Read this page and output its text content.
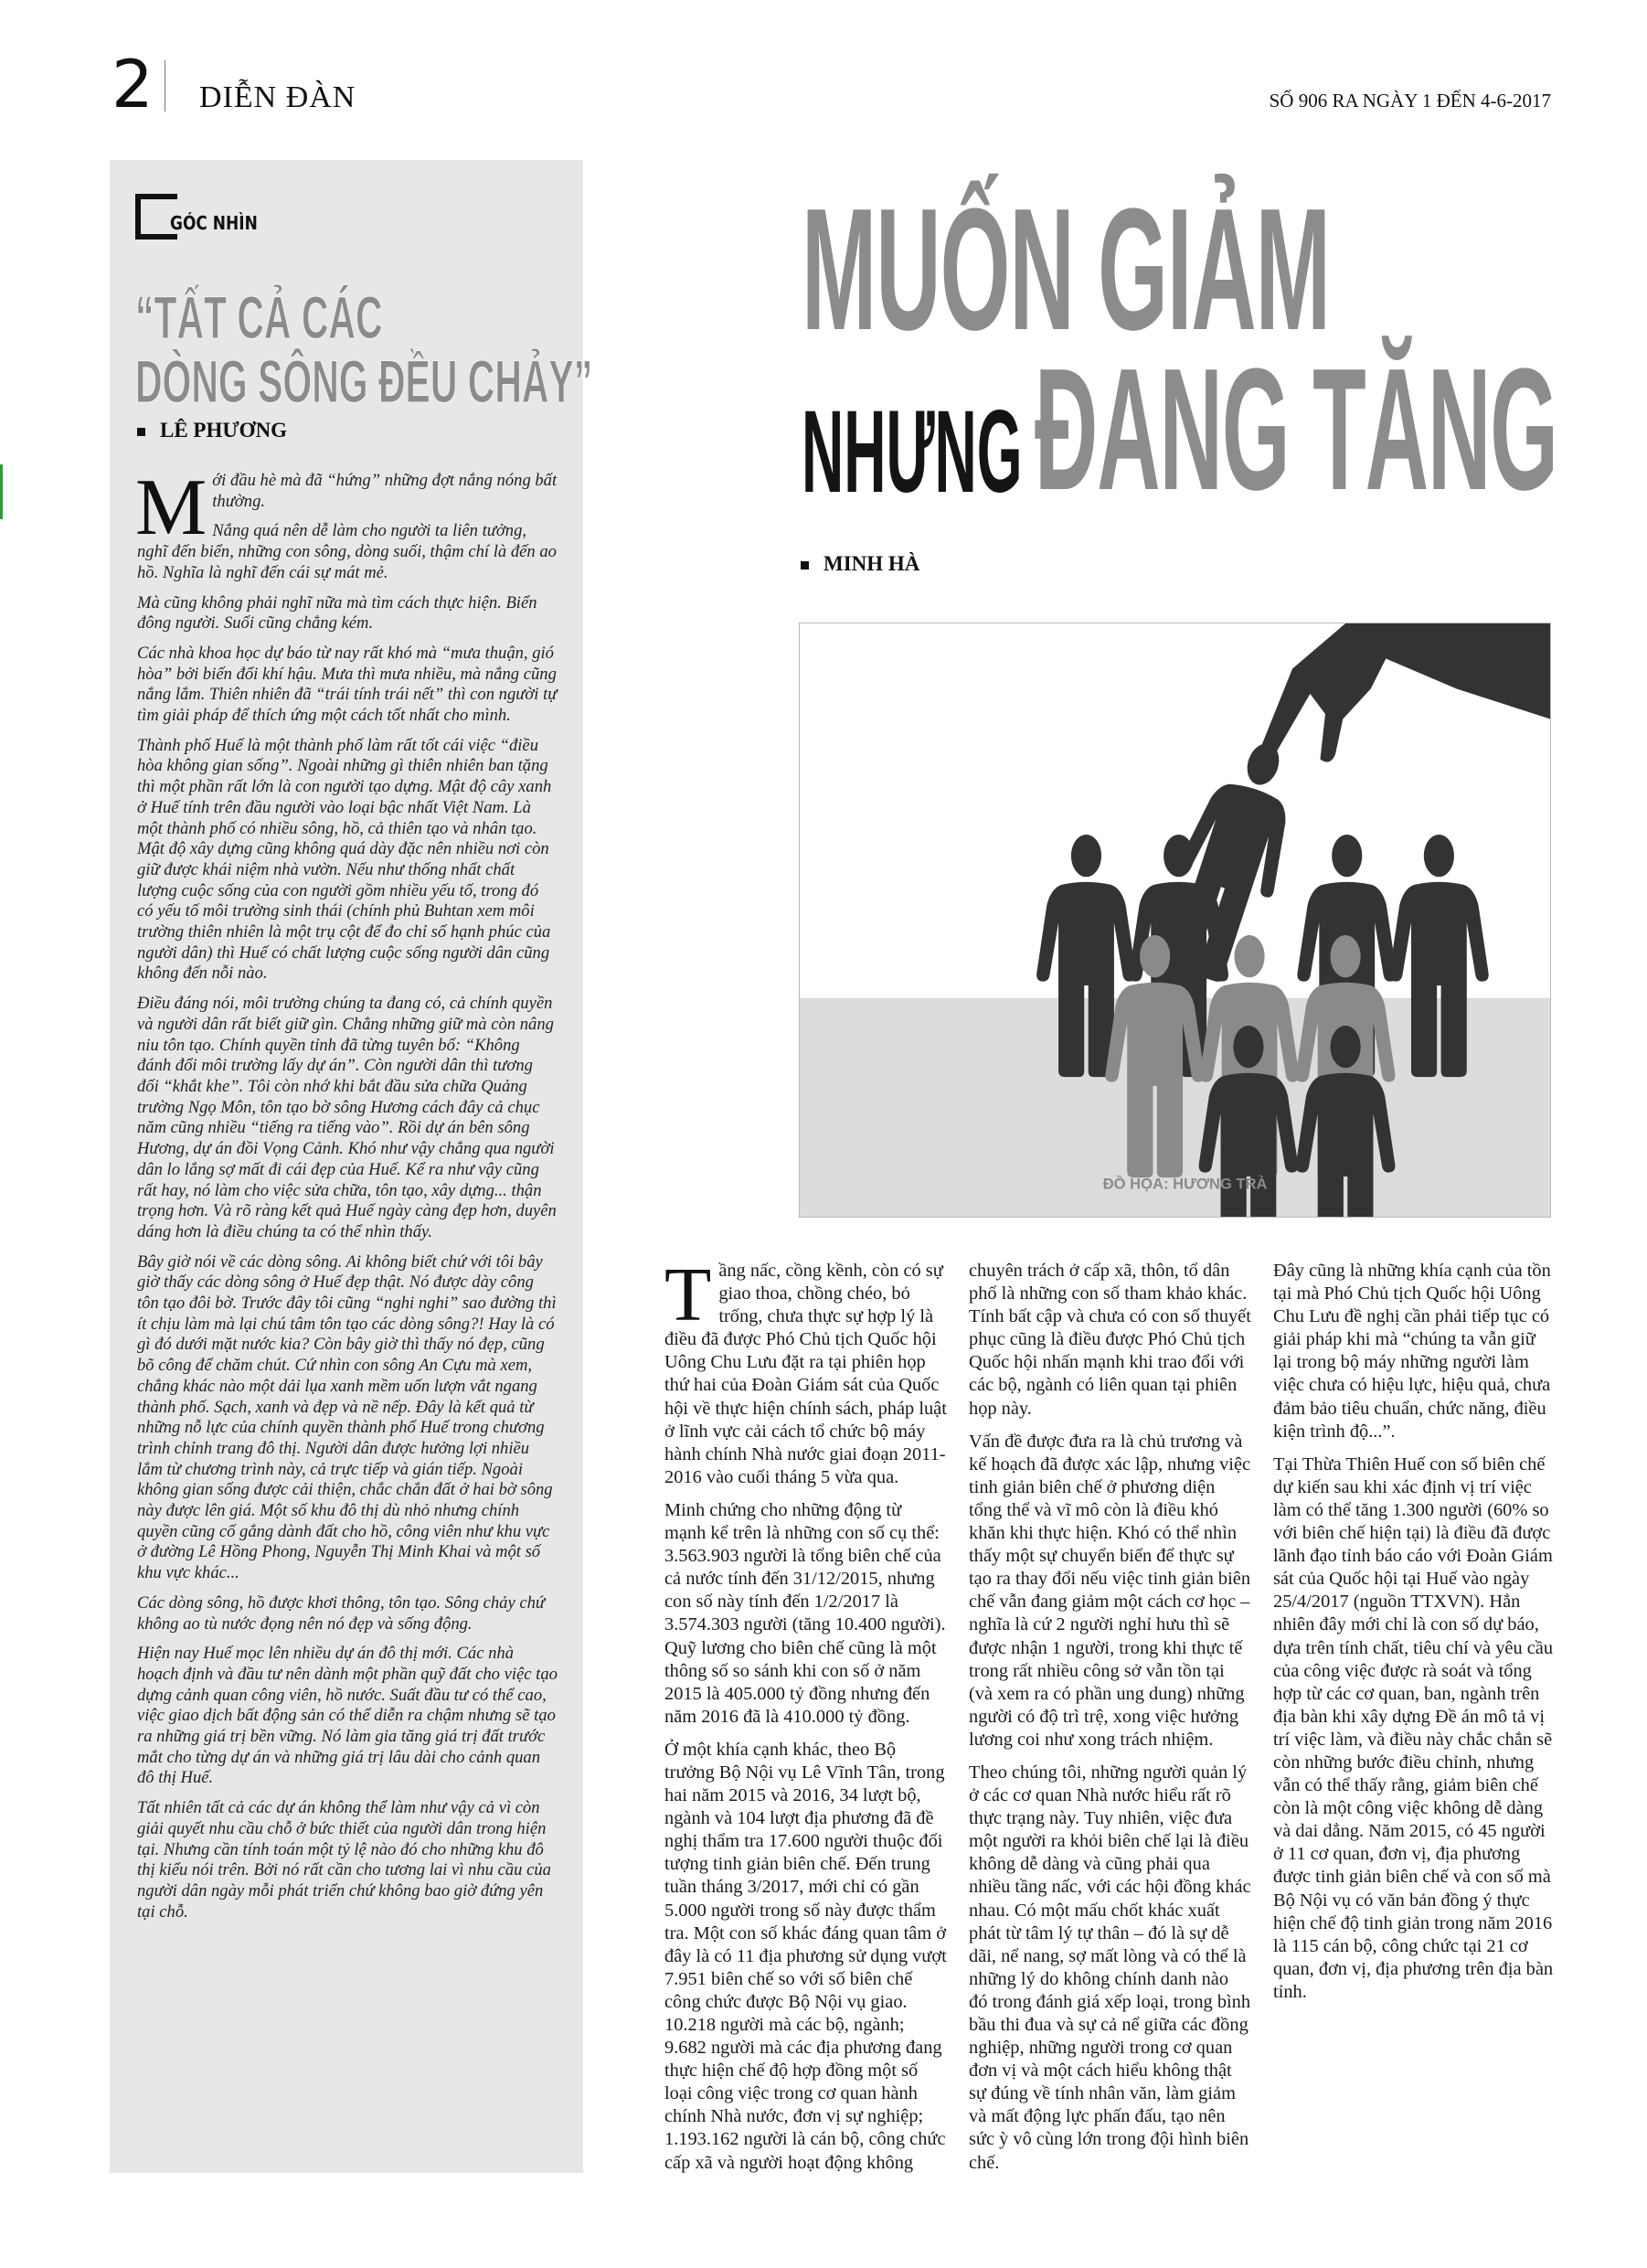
2 DIỄN ĐÀN	SỐ 906 RA NGÀY 1 ĐẾN 4-6-2017
GÓC NHÌN
“TẤT CẢ CÁC
DÒNG SÔNG ĐỀU CHẢY”
LÊ PHƯƠNG

Mới đầu hè mà đã “hứng” những đợt nắng nóng bất thường.

Nắng quá nên dễ làm cho người ta liên tưởng, nghĩ đến biển, những con sông, dòng suối, thậm chí là đến ao hồ. Nghĩa là nghĩ đến cái sự mát mẻ.

Mà cũng không phải nghĩ nữa mà tìm cách thực hiện. Biển đông người. Suối cũng chẳng kém.

Các nhà khoa học dự báo từ nay rất khó mà “mưa thuận, gió hòa” bởi biến đổi khí hậu. Mưa thì mưa nhiều, mà nắng cũng nắng lắm. Thiên nhiên đã “trái tính trái nết” thì con người tự tìm giải pháp để thích ứng một cách tốt nhất cho mình.

Thành phố Huế là một thành phố làm rất tốt cái việc “điều hòa không gian sống”. Ngoài những gì thiên nhiên ban tặng thì một phần rất lớn là con người tạo dựng. Mật độ cây xanh ở Huế tính trên đầu người vào loại bậc nhất Việt Nam. Là một thành phố có nhiều sông, hồ, cả thiên tạo và nhân tạo. Mật độ xây dựng cũng không quá dày đặc nên nhiều nơi còn giữ được khái niệm nhà vườn. Nếu như thống nhất chất lượng cuộc sống của con người gồm nhiều yếu tố, trong đó có yếu tố môi trường sinh thái (chính phủ Buhtan xem môi trường thiên nhiên là một trụ cột để đo chỉ số hạnh phúc của người dân) thì Huế có chất lượng cuộc sống người dân cũng không đến nỗi nào.

Điều đáng nói, môi trường chúng ta đang có, cả chính quyền và người dân rất biết giữ gìn. Chẳng những giữ mà còn nâng niu tôn tạo. Chính quyền tỉnh đã từng tuyên bố: “Không đánh đổi môi trường lấy dự án”. Còn người dân thì tương đối “khắt khe”. Tôi còn nhớ khi bắt đầu sửa chữa Quảng trường Ngọ Môn, tôn tạo bờ sông Hương cách đây cả chục năm cũng nhiều “tiếng ra tiếng vào”. Rồi dự án bên sông Hương, dự án đồi Vọng Cảnh. Khó như vậy chẳng qua người dân lo lắng sợ mất đi cái đẹp của Huế. Kể ra như vậy cũng rất hay, nó làm cho việc sửa chữa, tôn tạo, xây dựng... thận trọng hơn. Và rõ ràng kết quả Huế ngày càng đẹp hơn, duyên dáng hơn là điều chúng ta có thể nhìn thấy.

Bây giờ nói về các dòng sông. Ai không biết chứ với tôi bây giờ thấy các dòng sông ở Huế đẹp thật. Nó được dày công tôn tạo đôi bờ. Trước đây tôi cũng “nghi nghi” sao đường thì ít chịu làm mà lại chú tâm tôn tạo các dòng sông?! Hay là có gì đó dưới mặt nước kia? Còn bây giờ thì thấy nó đẹp, cũng bõ công để chăm chút. Cứ nhìn con sông An Cựu mà xem, chẳng khác nào một dải lụa xanh mềm uốn lượn vắt ngang thành phố. Sạch, xanh và đẹp và nề nếp. Đây là kết quả từ những nỗ lực của chính quyền thành phố Huế trong chương trình chỉnh trang đô thị. Người dân được hưởng lợi nhiều lắm từ chương trình này, cả trực tiếp và gián tiếp. Ngoài không gian sống được cải thiện, chắc chắn đất ở hai bờ sông này được lên giá. Một số khu đô thị dù nhỏ nhưng chính quyền cũng cố gắng dành đất cho hồ, công viên như khu vực ở đường Lê Hồng Phong, Nguyễn Thị Minh Khai và một số khu vực khác...

Các dòng sông, hồ được khơi thông, tôn tạo. Sông chảy chứ không ao tù nước đọng nên nó đẹp và sống động.

Hiện nay Huế mọc lên nhiều dự án đô thị mới. Các nhà hoạch định và đầu tư nên dành một phần quỹ đất cho việc tạo dựng cảnh quan công viên, hồ nước. Suất đầu tư có thể cao, việc giao dịch bất động sản có thể diễn ra chậm nhưng sẽ tạo ra những giá trị bền vững. Nó làm gia tăng giá trị đất trước mắt cho từng dự án và những giá trị lâu dài cho cảnh quan đô thị Huế.

Tất nhiên tất cả các dự án không thể làm như vậy cả vì còn giải quyết nhu cầu chỗ ở bức thiết của người dân trong hiện tại. Nhưng cần tính toán một tỷ lệ nào đó cho những khu đô thị kiểu nói trên. Bởi nó rất cần cho tương lai vì nhu cầu của người dân ngày mỗi phát triển chứ không bao giờ đứng yên tại chỗ.

MUỐN GIẢM
NHƯNG ĐANG TĂNG
MINH HÀ
ĐỒ HỌA: HƯƠNG TRÀ

Tầng nấc, cồng kềnh, còn có sự giao thoa, chồng chéo, bỏ trống, chưa thực sự hợp lý là điều đã được Phó Chủ tịch Quốc hội Uông Chu Lưu đặt ra tại phiên họp thứ hai của Đoàn Giám sát của Quốc hội về thực hiện chính sách, pháp luật ở lĩnh vực cải cách tổ chức bộ máy hành chính Nhà nước giai đoạn 2011-2016 vào cuối tháng 5 vừa qua.

Minh chứng cho những động từ mạnh kể trên là những con số cụ thể: 3.563.903 người là tổng biên chế của cả nước tính đến 31/12/2015, nhưng con số này tính đến 1/2/2017 là 3.574.303 người (tăng 10.400 người). Quỹ lương cho biên chế cũng là một thông số so sánh khi con số ở năm 2015 là 405.000 tỷ đồng nhưng đến năm 2016 đã là 410.000 tỷ đồng.

Ở một khía cạnh khác, theo Bộ trưởng Bộ Nội vụ Lê Vĩnh Tân, trong hai năm 2015 và 2016, 34 lượt bộ, ngành và 104 lượt địa phương đã đề nghị thẩm tra 17.600 người thuộc đối tượng tinh giản biên chế. Đến trung tuần tháng 3/2017, mới chỉ có gần 5.000 người trong số này được thẩm tra. Một con số khác đáng quan tâm ở đây là có 11 địa phương sử dụng vượt 7.951 biên chế so với số biên chế công chức được Bộ Nội vụ giao. 10.218 người mà các bộ, ngành; 9.682 người mà các địa phương đang thực hiện chế độ hợp đồng một số loại công việc trong cơ quan hành chính Nhà nước, đơn vị sự nghiệp; 1.193.162 người là cán bộ, công chức cấp xã và người hoạt động không chuyên trách ở cấp xã, thôn, tổ dân phố là những con số tham khảo khác. Tính bất cập và chưa có con số thuyết phục cũng là điều được Phó Chủ tịch Quốc hội nhấn mạnh khi trao đổi với các bộ, ngành có liên quan tại phiên họp này.

Vấn đề được đưa ra là chủ trương và kế hoạch đã được xác lập, nhưng việc tinh giản biên chế ở phương diện tổng thể và vĩ mô còn là điều khó khăn khi thực hiện. Khó có thể nhìn thấy một sự chuyển biến để thực sự tạo ra thay đổi nếu việc tinh giản biên chế vẫn đang giảm một cách cơ học – nghĩa là cứ 2 người nghỉ hưu thì sẽ được nhận 1 người, trong khi thực tế trong rất nhiều công sở vẫn tồn tại (và xem ra có phần ung dung) những người có độ trì trệ, xong việc hưởng lương coi như xong trách nhiệm.

Theo chúng tôi, những người quản lý ở các cơ quan Nhà nước hiểu rất rõ thực trạng này. Tuy nhiên, việc đưa một người ra khỏi biên chế lại là điều không dễ dàng và cũng phải qua nhiều tầng nấc, với các hội đồng khác nhau. Có một mấu chốt khác xuất phát từ tâm lý tự thân – đó là sự dễ dãi, nể nang, sợ mất lòng và có thể là những lý do không chính danh nào đó trong đánh giá xếp loại, trong bình bầu thi đua và sự cả nể giữa các đồng nghiệp, những người trong cơ quan đơn vị và một cách hiểu không thật sự đúng về tính nhân văn, làm giảm và mất động lực phấn đấu, tạo nên sức ỳ vô cùng lớn trong đội hình biên chế.

Đây cũng là những khía cạnh của tồn tại mà Phó Chủ tịch Quốc hội Uông Chu Lưu đề nghị cần phải tiếp tục có giải pháp khi mà “chúng ta vẫn giữ lại trong bộ máy những người làm việc chưa có hiệu lực, hiệu quả, chưa đảm bảo tiêu chuẩn, chức năng, điều kiện trình độ...”.

Tại Thừa Thiên Huế con số biên chế dự kiến sau khi xác định vị trí việc làm có thể tăng 1.300 người (60% so với biên chế hiện tại) là điều đã được lãnh đạo tỉnh báo cáo với Đoàn Giám sát của Quốc hội tại Huế vào ngày 25/4/2017 (nguồn TTXVN). Hẳn nhiên đây mới chỉ là con số dự báo, dựa trên tính chất, tiêu chí và yêu cầu của công việc được rà soát và tổng hợp từ các cơ quan, ban, ngành trên địa bàn khi xây dựng Đề án mô tả vị trí việc làm, và điều này chắc chắn sẽ còn những bước điều chỉnh, nhưng vẫn có thể thấy rằng, giảm biên chế còn là một công việc không dễ dàng và dai dẳng. Năm 2015, có 45 người ở 11 cơ quan, đơn vị, địa phương được tinh giản biên chế và con số mà Bộ Nội vụ có văn bản đồng ý thực hiện chế độ tinh giản trong năm 2016 là 115 cán bộ, công chức tại 21 cơ quan, đơn vị, địa phương trên địa bàn tỉnh.
